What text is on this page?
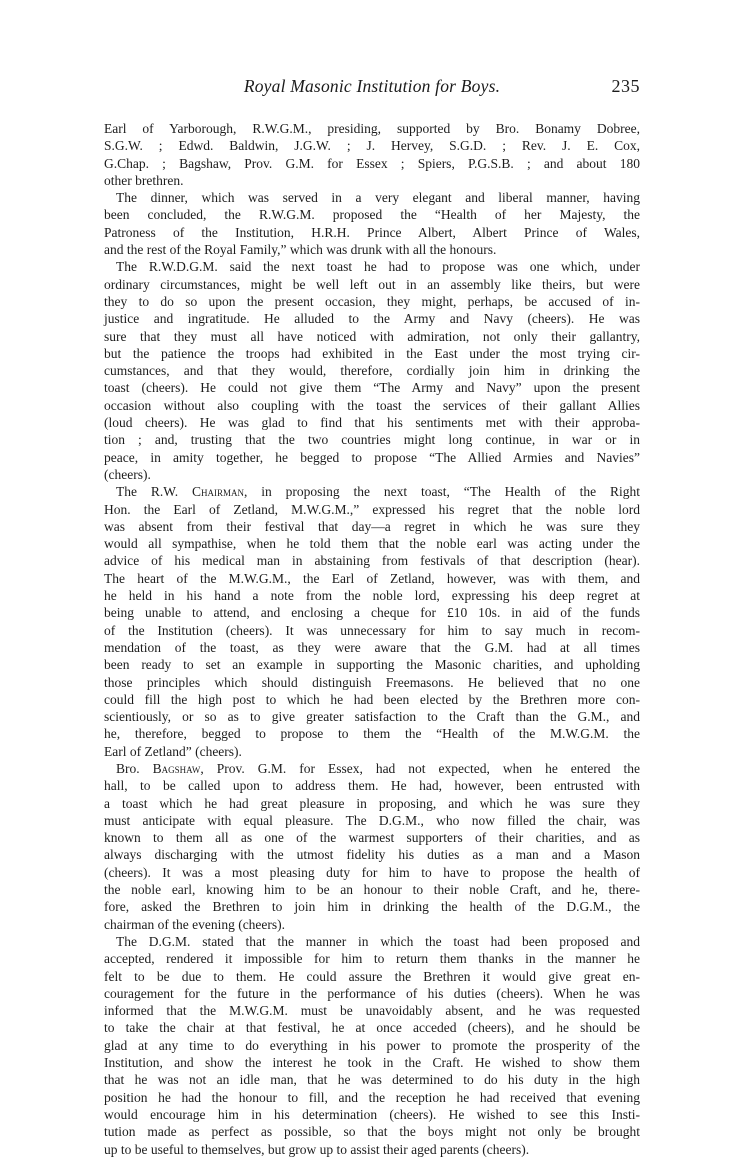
Royal Masonic Institution for Boys.	235
Earl of Yarborough, R.W.G.M., presiding, supported by Bro. Bonamy Dobree,
S.G.W. ; Edwd. Baldwin, J.G.W. ; J. Hervey, S.G.D. ; Rev. J. E. Cox,
G.Chap. ; Bagshaw, Prov. G.M. for Essex ; Spiers, P.G.S.B. ; and about 180
other brethren.
The dinner, which was served in a very elegant and liberal manner, having
been concluded, the R.W.G.M. proposed the “Health of her Majesty, the
Patroness of the Institution, H.R.H. Prince Albert, Albert Prince of Wales,
and the rest of the Royal Family,” which was drunk with all the honours.
The R.W.D.G.M. said the next toast he had to propose was one which, under
ordinary circumstances, might be well left out in an assembly like theirs, but were
they to do so upon the present occasion, they might, perhaps, be accused of in-
justice and ingratitude. He alluded to the Army and Navy (cheers). He was
sure that they must all have noticed with admiration, not only their gallantry,
but the patience the troops had exhibited in the East under the most trying cir-
cumstances, and that they would, therefore, cordially join him in drinking the
toast (cheers). He could not give them “The Army and Navy” upon the present
occasion without also coupling with the toast the services of their gallant Allies
(loud cheers). He was glad to find that his sentiments met with their approba-
tion ; and, trusting that the two countries might long continue, in war or in
peace, in amity together, he begged to propose “The Allied Armies and Navies”
(cheers).
The R.W. Chairman, in proposing the next toast, “The Health of the Right
Hon. the Earl of Zetland, M.W.G.M.,” expressed his regret that the noble lord
was absent from their festival that day—a regret in which he was sure they
would all sympathise, when he told them that the noble earl was acting under the
advice of his medical man in abstaining from festivals of that description (hear).
The heart of the M.W.G.M., the Earl of Zetland, however, was with them, and
he held in his hand a note from the noble lord, expressing his deep regret at
being unable to attend, and enclosing a cheque for £10 10s. in aid of the funds
of the Institution (cheers). It was unnecessary for him to say much in recom-
mendation of the toast, as they were aware that the G.M. had at all times
been ready to set an example in supporting the Masonic charities, and upholding
those principles which should distinguish Freemasons. He believed that no one
could fill the high post to which he had been elected by the Brethren more con-
scientiously, or so as to give greater satisfaction to the Craft than the G.M., and
he, therefore, begged to propose to them the “Health of the M.W.G.M. the
Earl of Zetland” (cheers).
Bro. Bagshaw, Prov. G.M. for Essex, had not expected, when he entered the
hall, to be called upon to address them. He had, however, been entrusted with
a toast which he had great pleasure in proposing, and which he was sure they
must anticipate with equal pleasure. The D.G.M., who now filled the chair, was
known to them all as one of the warmest supporters of their charities, and as
always discharging with the utmost fidelity his duties as a man and a Mason
(cheers). It was a most pleasing duty for him to have to propose the health of
the noble earl, knowing him to be an honour to their noble Craft, and he, there-
fore, asked the Brethren to join him in drinking the health of the D.G.M., the
chairman of the evening (cheers).
The D.G.M. stated that the manner in which the toast had been proposed and
accepted, rendered it impossible for him to return them thanks in the manner he
felt to be due to them. He could assure the Brethren it would give great en-
couragement for the future in the performance of his duties (cheers). When he was
informed that the M.W.G.M. must be unavoidably absent, and he was requested
to take the chair at that festival, he at once acceded (cheers), and he should be
glad at any time to do everything in his power to promote the prosperity of the
Institution, and show the interest he took in the Craft. He wished to show them
that he was not an idle man, that he was determined to do his duty in the high
position he had the honour to fill, and the reception he had received that evening
would encourage him in his determination (cheers). He wished to see this Insti-
tution made as perfect as possible, so that the boys might not only be brought
up to be useful to themselves, but grow up to assist their aged parents (cheers).
